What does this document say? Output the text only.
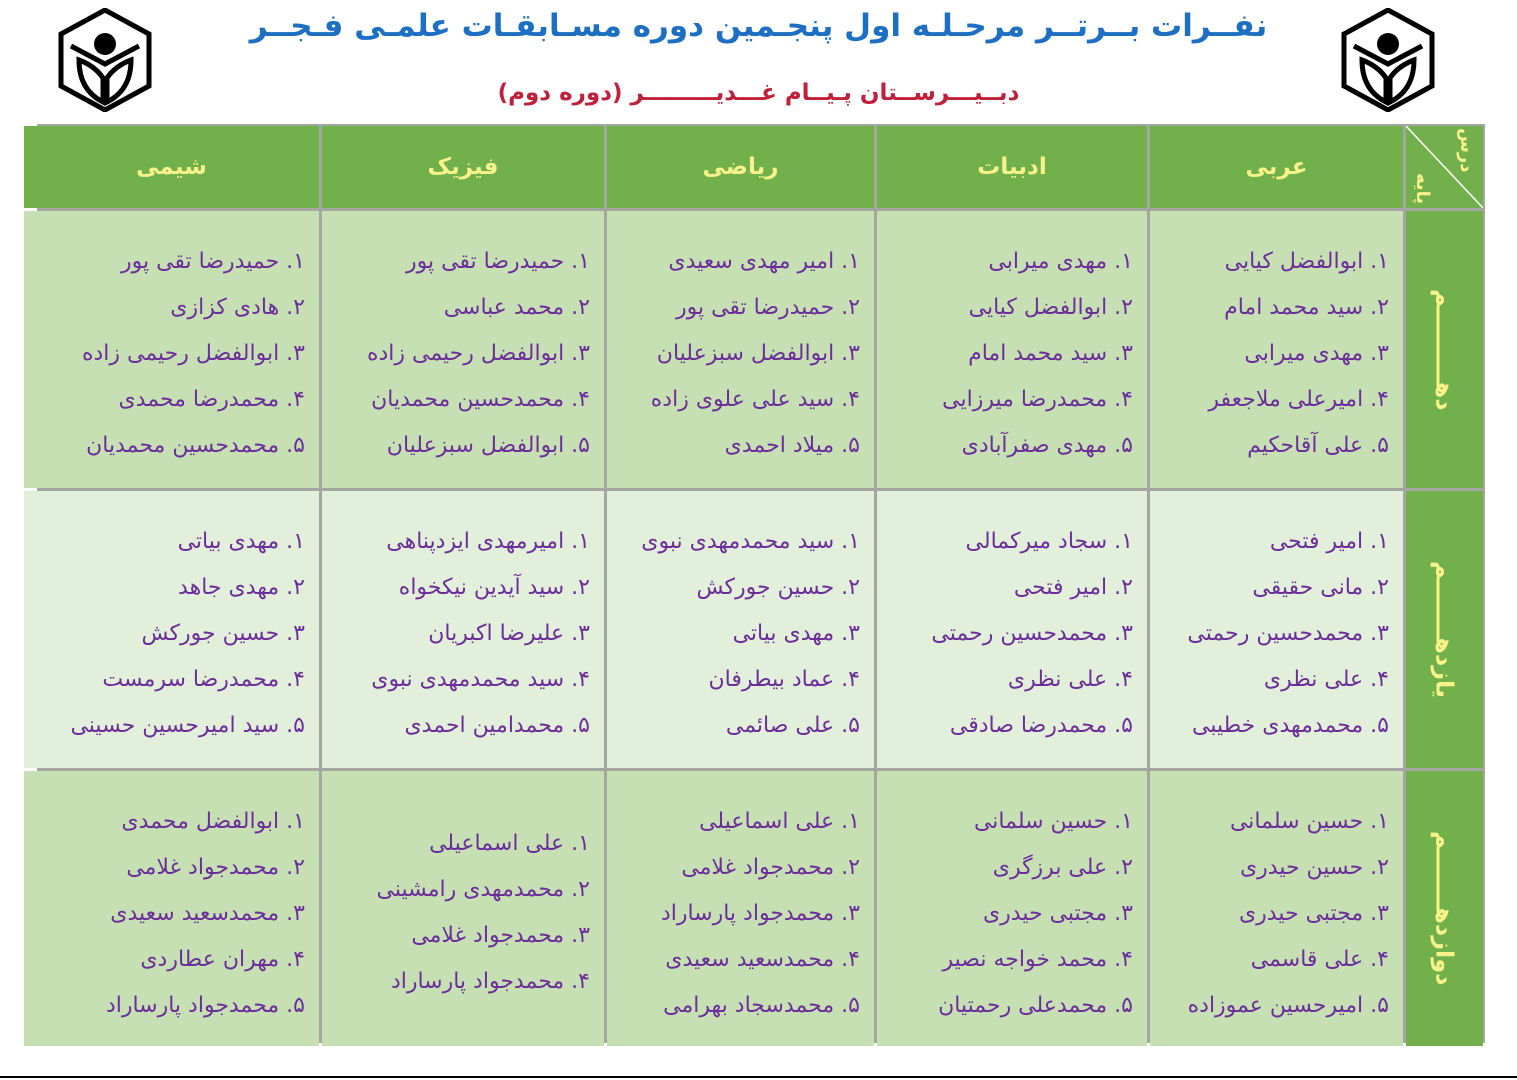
نفــرات بــرتــر مرحـلـه اول پنجـمین دوره مسـابقـات علمـی فـجــر
دبــیـــرســتان پـیــام غـــدیـــــــــر (دوره دوم)
درس
پایه
عربی
ادبیات
ریاضی
فیزیک
شیمی
دهـــــــــم
۱. ابوالفضل کیایی
۲. سید محمد امام
۳. مهدی میرابی
۴. امیرعلی ملاجعفر
۵. علی آقاحکیم
۱. مهدی میرابی
۲. ابوالفضل کیایی
۳. سید محمد امام
۴. محمدرضا میرزایی
۵. مهدی صفرآبادی
۱. امیر مهدی سعیدی
۲. حمیدرضا تقی پور
۳. ابوالفضل سبزعلیان
۴. سید علی علوی زاده
۵. میلاد احمدی
۱. حمیدرضا تقی پور
۲. محمد عباسی
۳. ابوالفضل رحیمی زاده
۴. محمدحسین محمدیان
۵. ابوالفضل سبزعلیان
۱. حمیدرضا تقی پور
۲. هادی کزازی
۳. ابوالفضل رحیمی زاده
۴. محمدرضا محمدی
۵. محمدحسین محمدیان
یازدهـــــــم
۱. امیر فتحی
۲. مانی حقیقی
۳. محمدحسین رحمتی
۴. علی نظری
۵. محمدمهدی خطیبی
۱. سجاد میرکمالی
۲. امیر فتحی
۳. محمدحسین رحمتی
۴. علی نظری
۵. محمدرضا صادقی
۱. سید محمدمهدی نبوی
۲. حسین جورکش
۳. مهدی بیاتی
۴. عماد بیطرفان
۵. علی صائمی
۱. امیرمهدی ایزدپناهی
۲. سید آیدین نیکخواه
۳. علیرضا اکبریان
۴. سید محمدمهدی نبوی
۵. محمدامین احمدی
۱. مهدی بیاتی
۲. مهدی جاهد
۳. حسین جورکش
۴. محمدرضا سرمست
۵. سید امیرحسین حسینی
دوازدهـــــــم
۱. حسین سلمانی
۲. حسین حیدری
۳. مجتبی حیدری
۴. علی قاسمی
۵. امیرحسین عموزاده
۱. حسین سلمانی
۲. علی برزگری
۳. مجتبی حیدری
۴. محمد خواجه نصیر
۵. محمدعلی رحمتیان
۱. علی اسماعیلی
۲. محمدجواد غلامی
۳. محمدجواد پارساراد
۴. محمدسعید سعیدی
۵. محمدسجاد بهرامی
۱. علی اسماعیلی
۲. محمدمهدی رامشینی
۳. محمدجواد غلامی
۴. محمدجواد پارساراد
۱. ابوالفضل محمدی
۲. محمدجواد غلامی
۳. محمدسعید سعیدی
۴. مهران عطاردی
۵. محمدجواد پارساراد
